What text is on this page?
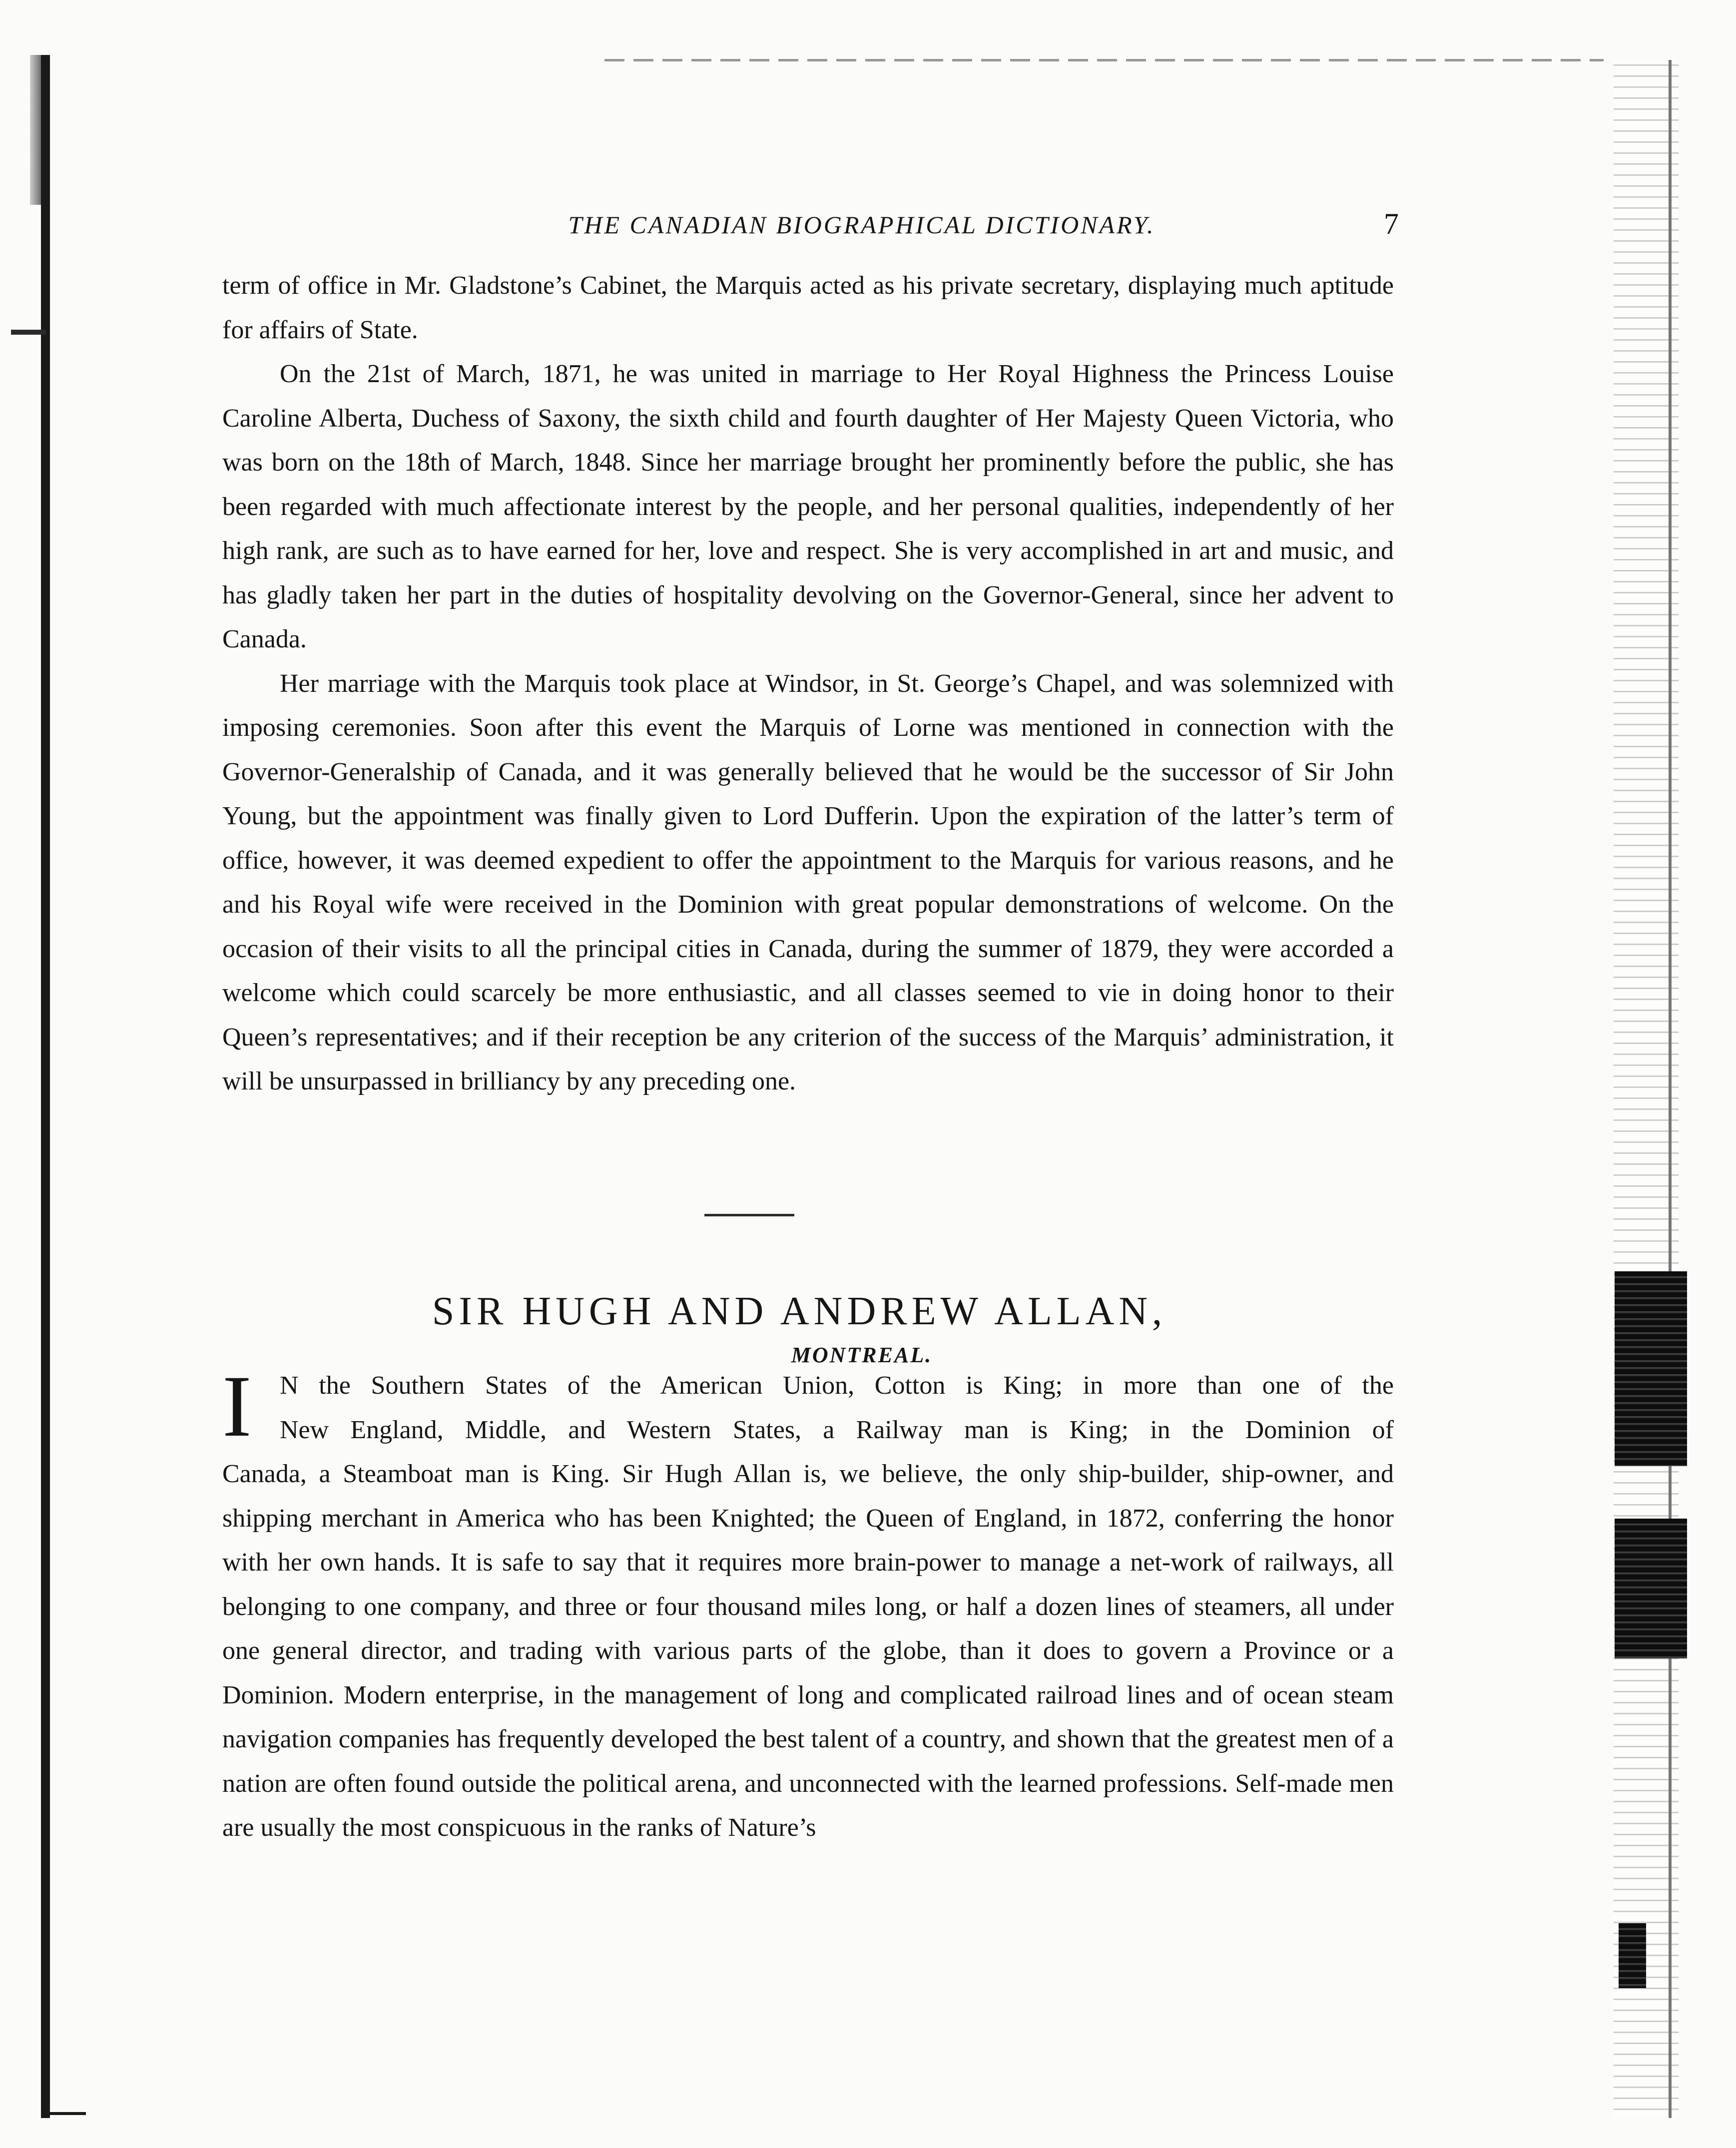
THE CANADIAN BIOGRAPHICAL DICTIONARY.	7

term of office in Mr. Gladstone’s Cabinet, the Marquis acted as his private secretary, displaying much aptitude for affairs of State.

On the 21st of March, 1871, he was united in marriage to Her Royal Highness the Princess Louise Caroline Alberta, Duchess of Saxony, the sixth child and fourth daughter of Her Majesty Queen Victoria, who was born on the 18th of March, 1848. Since her marriage brought her prominently before the public, she has been regarded with much affectionate interest by the people, and her personal qualities, independently of her high rank, are such as to have earned for her, love and respect. She is very accomplished in art and music, and has gladly taken her part in the duties of hospitality devolving on the Governor-General, since her advent to Canada.

Her marriage with the Marquis took place at Windsor, in St. George’s Chapel, and was solemnized with imposing ceremonies. Soon after this event the Marquis of Lorne was mentioned in connection with the Governor-Generalship of Canada, and it was generally believed that he would be the successor of Sir John Young, but the appointment was finally given to Lord Dufferin. Upon the expiration of the latter’s term of office, however, it was deemed expedient to offer the appointment to the Marquis for various reasons, and he and his Royal wife were received in the Dominion with great popular demonstrations of welcome. On the occasion of their visits to all the principal cities in Canada, during the summer of 1879, they were accorded a welcome which could scarcely be more enthusiastic, and all classes seemed to vie in doing honor to their Queen’s representatives; and if their reception be any criterion of the success of the Marquis’ administration, it will be unsurpassed in brilliancy by any preceding one.

SIR HUGH AND ANDREW ALLAN,
MONTREAL.
I	N the Southern States of the American Union, Cotton is King; in more than one of the
New England, Middle, and Western States, a Railway man is King; in the Dominion of
Canada, a Steamboat man is King. Sir Hugh Allan is, we believe, the only ship-builder, ship-owner, and shipping merchant in America who has been Knighted; the Queen of England, in 1872, conferring the honor with her own hands. It is safe to say that it requires more brain-power to manage a net-work of railways, all belonging to one company, and three or four thousand miles long, or half a dozen lines of steamers, all under one general director, and trading with various parts of the globe, than it does to govern a Province or a Dominion. Modern enterprise, in the management of long and complicated railroad lines and of ocean steam navigation companies has frequently developed the best talent of a country, and shown that the greatest men of a nation are often found outside the political arena, and unconnected with the learned professions. Self-made men are usually the most conspicuous in the ranks of Nature’s
